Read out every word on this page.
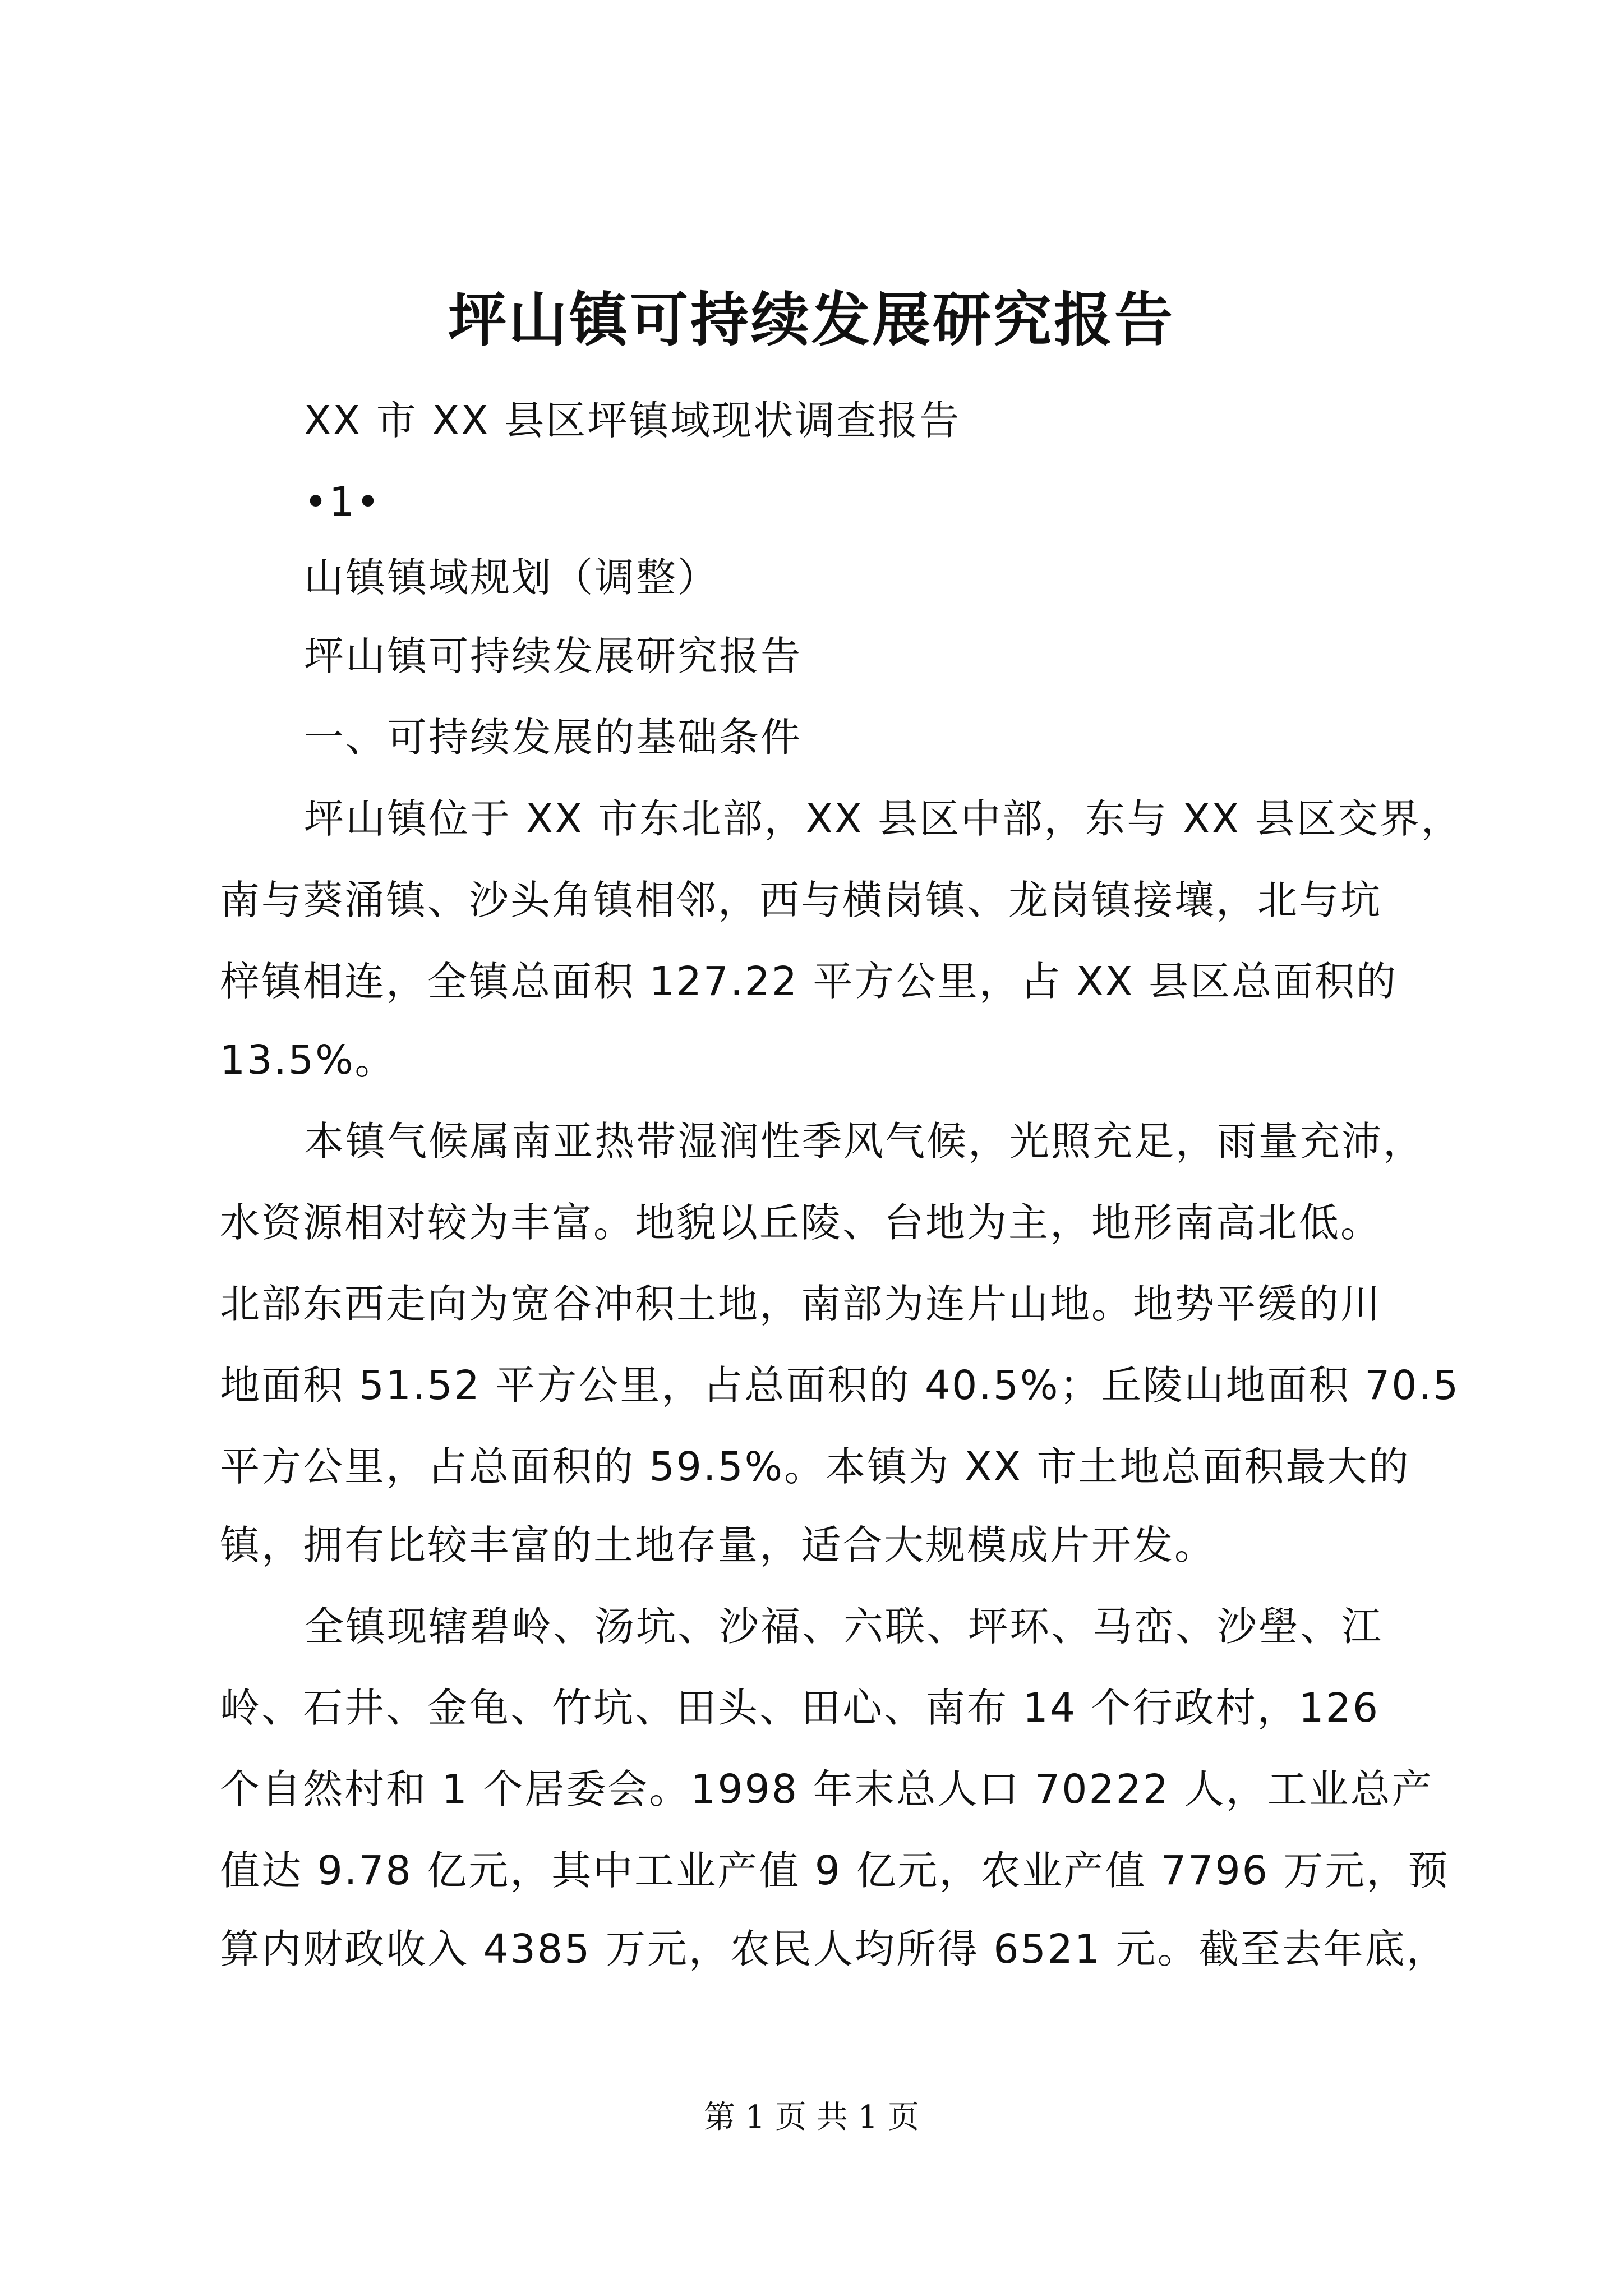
坪山镇可持续发展研究报告
XX 市 XX 县区坪镇域现状调查报告
•1•
山镇镇域规划（调整）
坪山镇可持续发展研究报告
一、可持续发展的基础条件
坪山镇位于 XX 市东北部，XX 县区中部，东与 XX 县区交界，
南与葵涌镇、沙头角镇相邻，西与横岗镇、龙岗镇接壤，北与坑
梓镇相连，全镇总面积 127.22 平方公里，占 XX 县区总面积的
13.5%。
本镇气候属南亚热带湿润性季风气候，光照充足，雨量充沛，
水资源相对较为丰富。地貌以丘陵、台地为主，地形南高北低。
北部东西走向为宽谷冲积土地，南部为连片山地。地势平缓的川
地面积 51.52 平方公里，占总面积的 40.5%；丘陵山地面积 70.5
平方公里，占总面积的 59.5%。本镇为 XX 市土地总面积最大的
镇，拥有比较丰富的土地存量，适合大规模成片开发。
全镇现辖碧岭、汤坑、沙福、六联、坪环、马峦、沙壆、江
岭、石井、金龟、竹坑、田头、田心、南布 14 个行政村，126
个自然村和 1 个居委会。1998 年末总人口 70222 人，工业总产
值达 9.78 亿元，其中工业产值 9 亿元，农业产值 7796 万元，预
算内财政收入 4385 万元，农民人均所得 6521 元。截至去年底，
第 1 页 共 1 页
